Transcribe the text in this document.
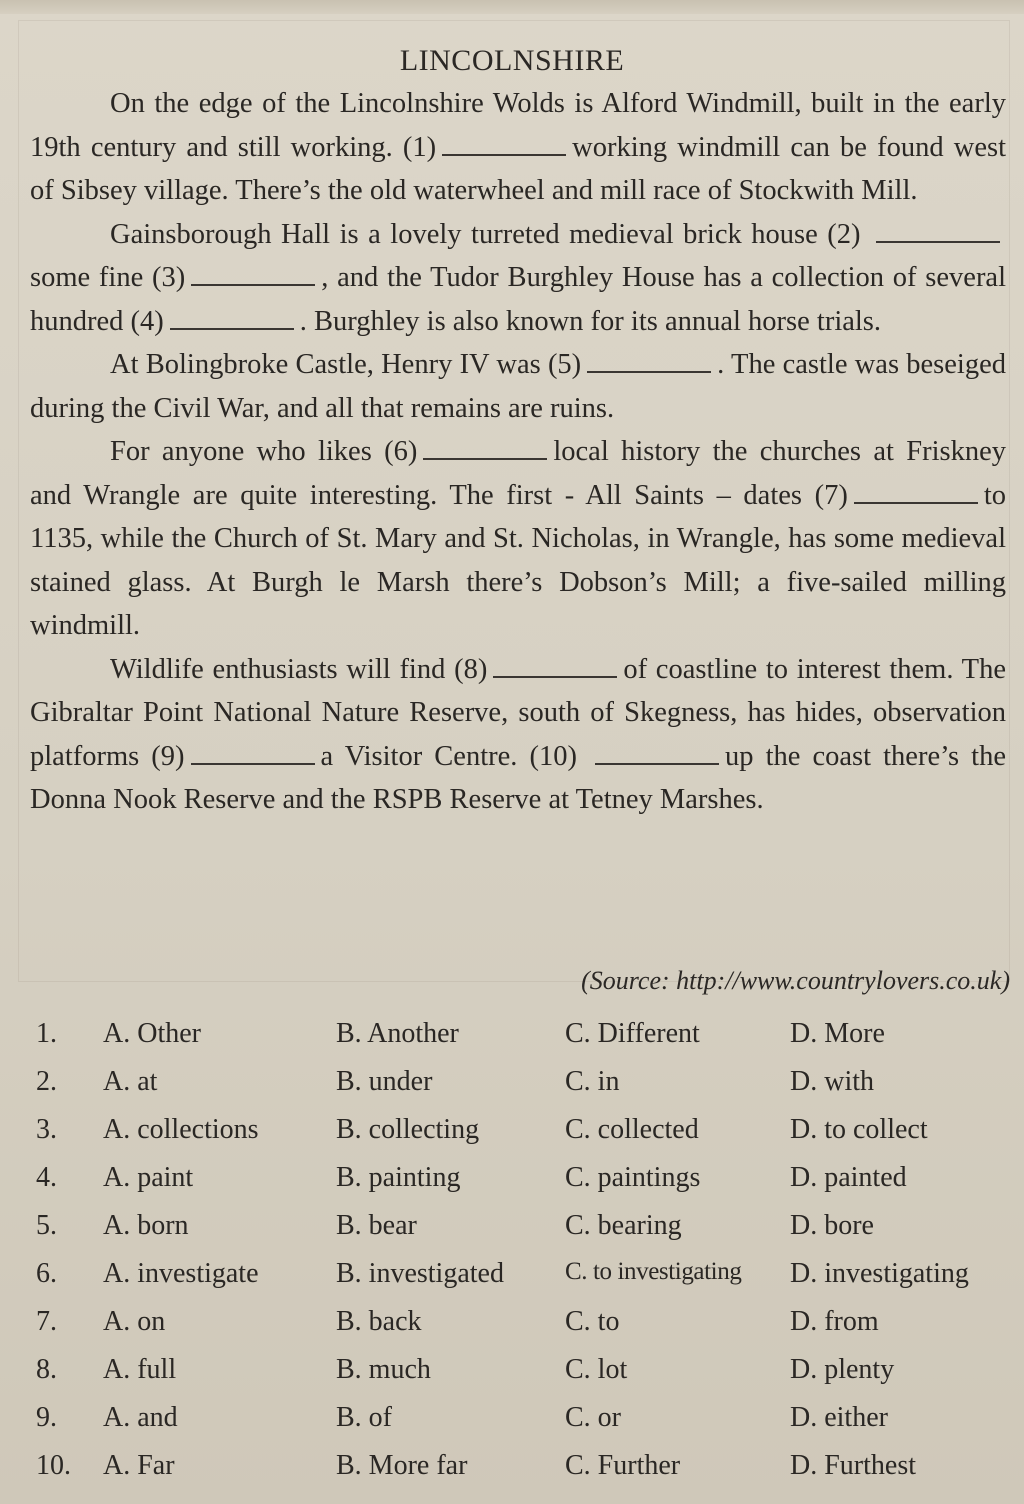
LINCOLNSHIRE

On the edge of the Lincolnshire Wolds is Alford Windmill, built in the early 19th century and still working. (1)	working windmill can be found west of Sibsey village. There’s the old waterwheel and mill race of Stockwith Mill.

Gainsborough Hall is a lovely turreted medieval brick house (2) some fine (3)	, and the Tudor Burghley House has a collection of several hundred (4)	. Burghley is also known for its annual horse trials.

At Bolingbroke Castle, Henry IV was (5)	. The castle was beseiged during the Civil War, and all that remains are ruins.

For anyone who likes (6)	local history the churches at Friskney and Wrangle are quite interesting. The first - All Saints – dates (7)	to 1135, while the Church of St. Mary and St. Nicholas, in Wrangle, has some medieval stained glass. At Burgh le Marsh there’s Dobson’s Mill; a five-sailed milling windmill.

Wildlife enthusiasts will find (8)	of coastline to interest them. The Gibraltar Point National Nature Reserve, south of Skegness, has hides, observation platforms (9)	a Visitor Centre. (10)	up the coast there’s the Donna Nook Reserve and the RSPB Reserve at Tetney Marshes.

(Source: http://www.countrylovers.co.uk)
1. A. Other	B. Another	C. Different	D. More
2. A. at	B. under	C. in	D. with
3. A. collections	B. collecting	C. collected	D. to collect
4. A. paint	B. painting	C. paintings	D. painted
5. A. born	B. bear	C. bearing	D. bore
6. A. investigate	B. investigated C. to investigating D. investigating
7. A. on	B. back	C. to	D. from
8. A. full	B. much	C. lot	D. plenty
9. A. and	B. of	C. or	D. either
10. A. Far	B. More far	C. Further	D. Furthest
